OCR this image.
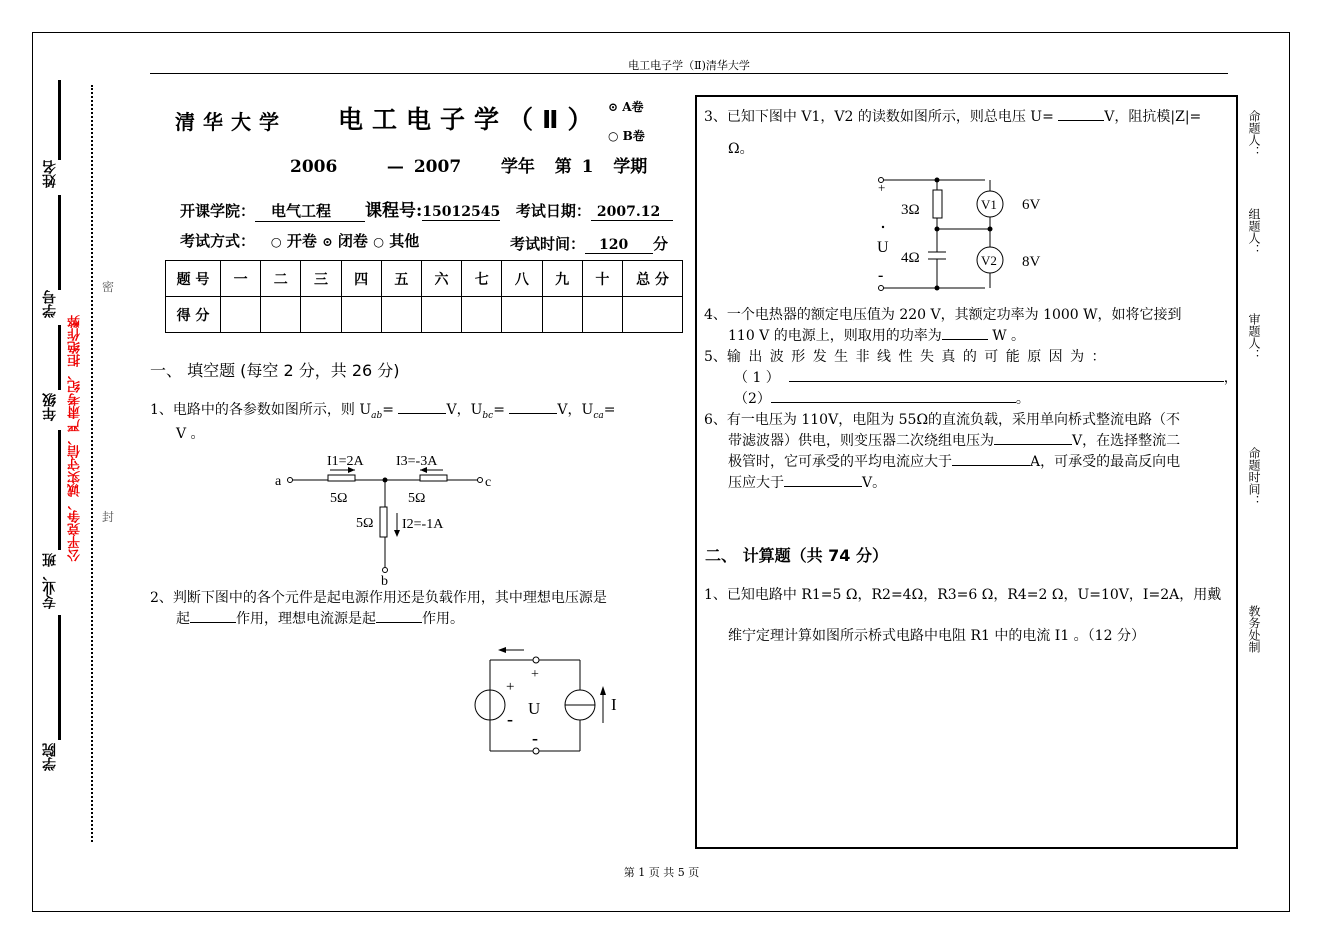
电工电子学（Ⅱ)清华大学
姓名
学号
年级
专业、班
学院
公平竞争、诚实守信、严肃考纪、拒绝作弊
密
封
命题人：
组题人：
审题人：
命题时间：
教务处制
清华大学 电工电子学（Ⅱ） ⊙ A卷
○ B卷
2006	— 2007 学年 第 1 学期
开课学院： 电气工程 课程号:15012545 考试日期： 2007.12
考试方式： ○ 开卷 ⊙ 闭卷 ○ 其他	考试时间： 120 分
题 号	一	二	三	四	五	六	七	八	九	十	总 分
得 分											
一、 填空题 (每空 2 分，共 26 分)
1、电路中的各参数如图所示，则 $U_{ab}=$	V，$U_{bc}=$	V，$U_{ca}=$
V 。
a	c
b
I1=2A I3=-3A
I2=-1A
5Ω	5Ω
5Ω
2、判断下图中的各个元件是起电源作用还是负载作用，其中理想电压源是
起	作用，理想电流源是起	作用。
+
-
+
-
U	I
3、已知下图中 V1，V2 的读数如图所示，则总电压 U=	V，阻抗模|Z|=
Ω。
+
U
-
3Ω
4Ω
V1
V2
6V
8V
4、一个电热器的额定电压值为 220 V，其额定功率为 1000 W，如将它接到
110 V 的电源上，则取用的功率为	W 。
5、输 出 波 形 发 生 非 线 性 失 真 的 可 能 原 因 为 ：
（ 1 ）	，
（2）	。
6、有一电压为 110V，电阻为 55Ω的直流负载，采用单向桥式整流电路（不
带滤波器）供电，则变压器二次绕组电压为	V，在选择整流二
极管时，它可承受的平均电流应大于	A，可承受的最高反向电
压应大于	V。
二、 计算题（共 74 分）
1、已知电路中 R1=5 Ω，R2=4Ω，R3=6 Ω，R4=2 Ω，U=10V，I=2A，用戴
维宁定理计算如图所示桥式电路中电阻 R1 中的电流 I1 。（12 分）
第 1 页 共 5 页
